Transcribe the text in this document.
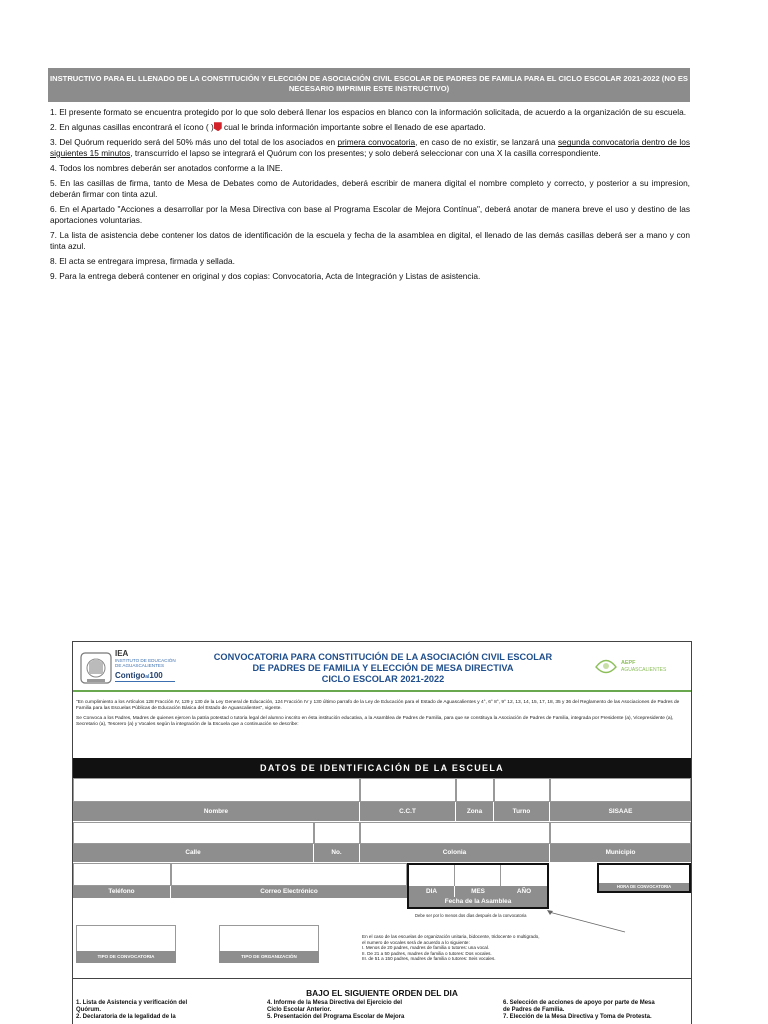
INSTRUCTIVO PARA EL LLENADO DE LA CONSTITUCIÓN Y ELECCIÓN DE ASOCIACIÓN CIVIL ESCOLAR DE PADRES DE FAMILIA PARA EL CICLO ESCOLAR 2021-2022 (NO ES NECESARIO IMPRIMIR ESTE INSTRUCTIVO)

1. El presente formato se encuentra protegido por lo que solo deberá llenar los espacios en blanco con la información solicitada, de acuerdo a la organización de su escuela.

2. En algunas casillas encontrará el ícono ( ) cual le brinda información importante sobre el llenado de ese apartado.

3. Del Quórum requerido será del 50% más uno del total de los asociados en primera convocatoria, en caso de no existir, se lanzará una segunda convocatoria dentro de los siguientes 15 minutos, transcurrido el lapso se integrará el Quórum con los presentes; y solo deberá seleccionar con una X la casilla correspondiente.

4. Todos los nombres deberán ser anotados conforme a la INE.

5. En las casillas de firma, tanto de Mesa de Debates como de Autoridades, deberá escribir de manera digital el nombre completo y correcto, y posterior a su impresion, deberán firmar con tinta azul.

6. En el Apartado "Acciones a desarrollar por la Mesa Directiva con base al Programa Escolar de Mejora Contínua", deberá anotar de manera breve el uso y destino de las aportaciones voluntarias.

7. La lista de asistencia debe contener los datos de identificación de la escuela y fecha de la asamblea en digital, el llenado de las demás casillas deberá ser a mano y con tinta azul.

8. El acta se entregara impresa, firmada y sellada.

9. Para la entrega deberá contener en original y dos copias: Convocatoria, Acta de Integración y Listas de asistencia.

IEA
INSTITUTO DE EDUCACIÓN
DE AGUASCALIENTES
Contigoal100
CONVOCATORIA PARA CONSTITUCIÓN DE LA ASOCIACIÓN CIVIL ESCOLAR
DE PADRES DE FAMILIA Y ELECCIÓN DE MESA DIRECTIVA
CICLO ESCOLAR 2021-2022
AEPF
AGUASCALIENTES
"En cumplimiento a los Artículos 128 Fracción IV, 129 y 130 de la Ley General de Educación, 124 Fracción IV y 130 último parrafo de la Ley de Educación para el Estado de Aguascalientes y 4°, 6° 8°, 9° 12, 13, 14, 15, 17, 18, 35 y 36 del Reglamento de las Asociaciones de Padres de Familia para las Escuelas Públicas de Educación Básica del Estado de Aguascalientes", vigente.
Se Convoca a los Padres, Madres de quienes ejercen la patria potestad o tutoria legal del alumno inscrito en ésta institución educativa, a la Asamblea de Padres de Familia, para que se constituya la Asociación de Padres de Familia, integrada por Presidente (a), Vicepresidente (a), Secretario (a), Tesorero (a) y Vocales según la integración de la Escuela que a continuación se describe:
DATOS DE IDENTIFICACIÓN DE LA ESCUELA
Nombre	C.C.T	Zona	Turno	SISAAE
Calle	No.	Colonia	Municipio
Teléfono	Correo Electrónico	DIA	MES	AÑO
Fecha de la Asamblea
HORA DE CONVOCATORIA
Debe ser por lo menos dos días después de la convocatoria
TIPO DE CONVOCATORIA	TIPO DE ORGANIZACIÓN
En el caso de las escuelas de organización unitaria, bidocente, tridocente o multigrado,
el numero de vocales será de acuerdo a lo siguiente:
I. Menos de 20 padres, madres de familia o tutores: una vocal.
II. De 21 a 50 padres, madres de familia o tutores: Dos vocales.
III. de 51 a 150 padres, madres de familia o tutores: Seis vocales.
BAJO EL SIGUIENTE ORDEN DEL DIA
1. Lista de Asistencia y verificación del
Quórum.
2. Declaratoria de la legalidad de la
4. Informe de la Mesa Directiva del Ejercicio del
Ciclo Escolar Anterior.
5. Presentación del Programa Escolar de Mejora
6. Selección de acciones de apoyo por parte de Mesa
de Padres de Familia.
7. Elección de la Mesa Directiva y Toma de Protesta.
